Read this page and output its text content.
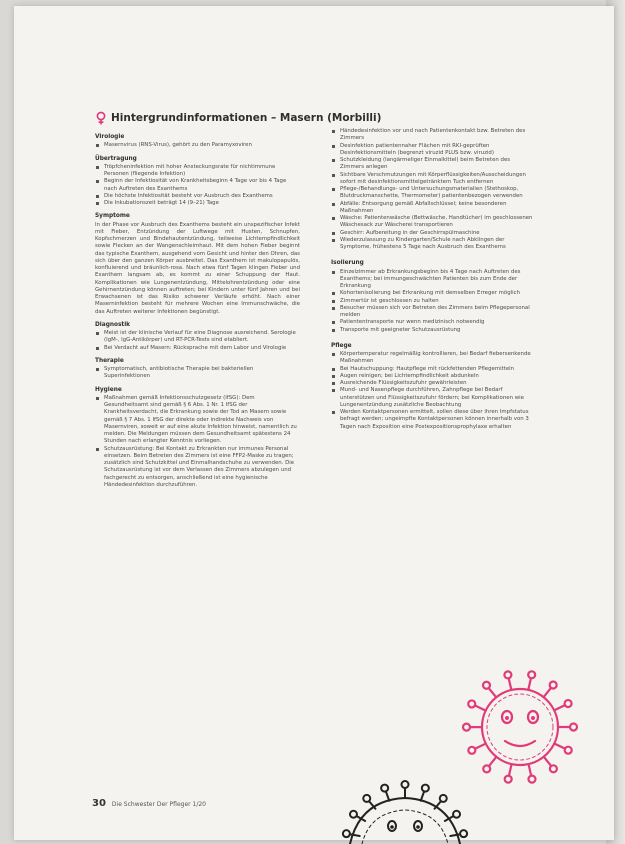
Hintergrundinformationen – Masern (Morbilli)
Virologie
Masernvirus (RNS-Virus), gehört zu den Paramyxoviren
Übertragung
Tröpfcheninfektion mit hoher Ansteckungsrate für nichtimmune Personen (fliegende Infektion)
Beginn der Infektiosität von Krankheitsbeginn 4 Tage vor bis 4 Tage nach Auftreten des Exanthems
Die höchste Infektiosität besteht vor Ausbruch des Exanthems
Die Inkubationszeit beträgt 14 (9–21) Tage
Symptome
In der Phase vor Ausbruch des Exanthems besteht ein unspezifischer Infekt mit Fieber, Entzündung der Luftwege mit Husten, Schnupfen, Kopfschmerzen und Bindehautentzündung, teilweise Lichtempfindlichkeit sowie Flecken an der Wangenschleimhaut. Mit dem hohen Fieber beginnt das typische Exanthem, ausgehend vom Gesicht und hinter den Ohren, das sich über den ganzen Körper ausbreitet. Das Exanthem ist makulopapulös, konfluierend und bräunlich-rosa. Nach etwa fünf Tagen klingen Fieber und Exanthem langsam ab, es kommt zu einer Schuppung der Haut. Komplikationen wie Lungenentzündung, Mittelohrentzündung oder eine Gehirnentzündung können auftreten; bei Kindern unter fünf Jahren und bei Erwachsenen ist das Risiko schwerer Verläufe erhöht. Nach einer Maserninfektion besteht für mehrere Wochen eine Immunschwäche, die das Auftreten weiterer Infektionen begünstigt.
Diagnostik
Meist ist der klinische Verlauf für eine Diagnose ausreichend. Serologie (IgM-, IgG-Antikörper) und RT-PCR-Tests sind etabliert.
Bei Verdacht auf Masern: Rücksprache mit dem Labor und Virologie
Therapie
Symptomatisch, antibiotische Therapie bei bakteriellen Superinfektionen
Hygiene
Maßnahmen gemäß Infektionsschutzgesetz (IfSG): Dem Gesundheitsamt sind gemäß § 6 Abs. 1 Nr. 1 IfSG der Krankheitsverdacht, die Erkrankung sowie der Tod an Masern sowie gemäß § 7 Abs. 1 IfSG der direkte oder indirekte Nachweis von Masernviren, soweit er auf eine akute Infektion hinweist, namentlich zu melden. Die Meldungen müssen dem Gesundheitsamt spätestens 24 Stunden nach erlangter Kenntnis vorliegen.
Schutzausrüstung: Bei Kontakt zu Erkrankten nur immunes Personal einsetzen. Beim Betreten des Zimmers ist eine FFP2-Maske zu tragen; zusätzlich sind Schutzkittel und Einmalhandschuhe zu verwenden. Die Schutzausrüstung ist vor dem Verlassen des Zimmers abzulegen und fachgerecht zu entsorgen, anschließend ist eine hygienische Händedesinfektion durchzuführen.
Händedesinfektion vor und nach Patientenkontakt bzw. Betreten des Zimmers
Desinfektion patientennaher Flächen mit RKI-geprüften Desinfektionsmitteln (begrenzt viruzid PLUS bzw. viruzid)
Schutzkleidung (langärmeliger Einmalkittel) beim Betreten des Zimmers anlegen
Sichtbare Verschmutzungen mit Körperflüssigkeiten/Ausscheidungen sofort mit desinfektionsmittelgetränktem Tuch entfernen
Pflege-/Behandlungs- und Untersuchungsmaterialien (Stethoskop, Blutdruckmanschette, Thermometer) patientenbezogen verwenden
Abfälle: Entsorgung gemäß Abfallschlüssel; keine besonderen Maßnahmen
Wäsche: Patientenwäsche (Bettwäsche, Handtücher) im geschlossenen Wäschesack zur Wäscherei transportieren
Geschirr: Aufbereitung in der Geschirrspülmaschine
Wiederzulassung zu Kindergarten/Schule nach Abklingen der Symptome, frühestens 5 Tage nach Ausbruch des Exanthems
Isolierung
Einzelzimmer ab Erkrankungsbeginn bis 4 Tage nach Auftreten des Exanthems; bei immungeschwächten Patienten bis zum Ende der Erkrankung
Kohortenisolierung bei Erkrankung mit demselben Erreger möglich
Zimmertür ist geschlossen zu halten
Besucher müssen sich vor Betreten des Zimmers beim Pflegepersonal melden
Patiententransporte nur wenn medizinisch notwendig
Transporte mit geeigneter Schutzausrüstung
Pflege
Körpertemperatur regelmäßig kontrollieren, bei Bedarf fiebersenkende Maßnahmen
Bei Hautschuppung: Hautpflege mit rückfettenden Pflegemitteln
Augen reinigen; bei Lichtempfindlichkeit abdunkeln
Ausreichende Flüssigkeitszufuhr gewährleisten
Mund- und Nasenpflege durchführen, Zahnpflege bei Bedarf unterstützen und Flüssigkeitszufuhr fördern; bei Komplikationen wie Lungenentzündung zusätzliche Beobachtung
Werden Kontaktpersonen ermittelt, sollen diese über ihren Impfstatus befragt werden; ungeimpfte Kontaktpersonen können innerhalb von 3 Tagen nach Exposition eine Postexpositionsprophylaxe erhalten
30 Die Schwester Der Pfleger 1/20
